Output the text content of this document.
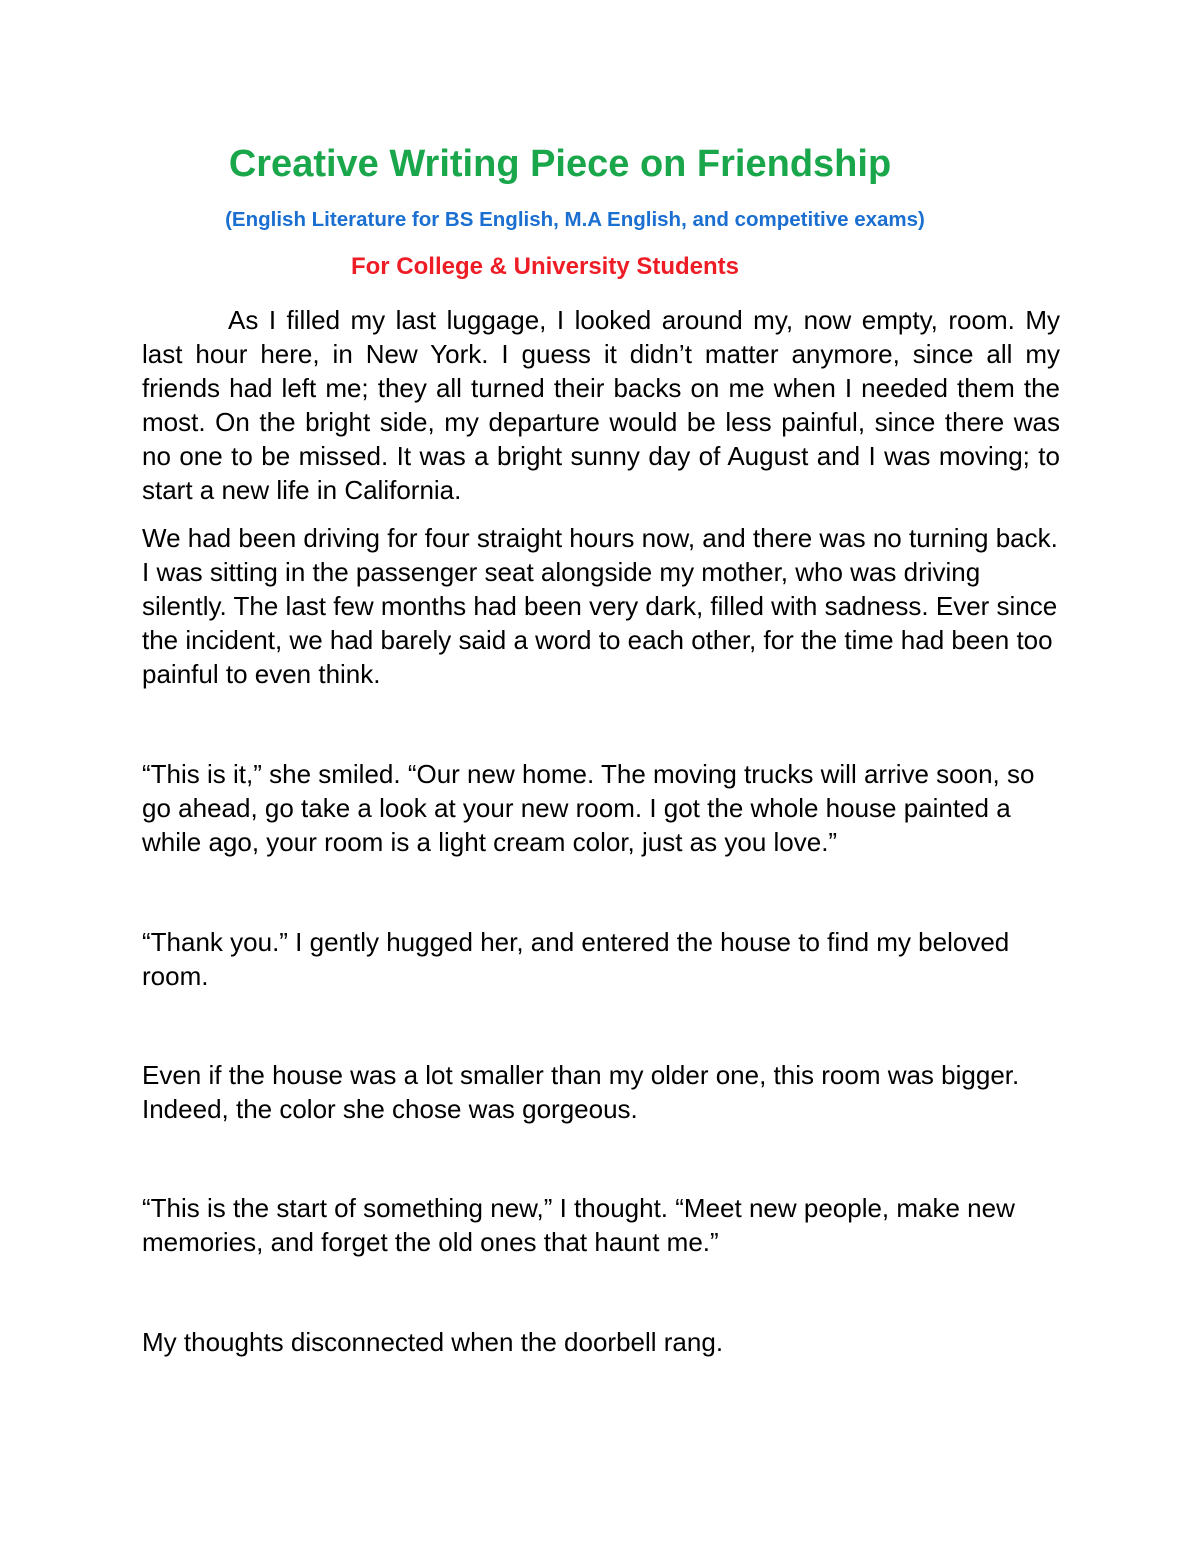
Creative Writing Piece on Friendship
(English Literature for BS English, M.A English, and competitive exams)
For College & University Students

As I filled my last luggage, I looked around my, now empty, room. My last hour here, in New York. I guess it didn’t matter anymore, since all my friends had left me; they all turned their backs on me when I needed them the most. On the bright side, my departure would be less painful, since there was no one to be missed. It was a bright sunny day of August and I was moving; to start a new life in California.

We had been driving for four straight hours now, and there was no turning back. I was sitting in the passenger seat alongside my mother, who was driving silently. The last few months had been very dark, filled with sadness. Ever since the incident, we had barely said a word to each other, for the time had been too painful to even think.

“This is it,” she smiled. “Our new home. The moving trucks will arrive soon, so go ahead, go take a look at your new room. I got the whole house painted a while ago, your room is a light cream color, just as you love.”

“Thank you.” I gently hugged her, and entered the house to find my beloved room.

Even if the house was a lot smaller than my older one, this room was bigger. Indeed, the color she chose was gorgeous.

“This is the start of something new,” I thought. “Meet new people, make new memories, and forget the old ones that haunt me.”

My thoughts disconnected when the doorbell rang.
